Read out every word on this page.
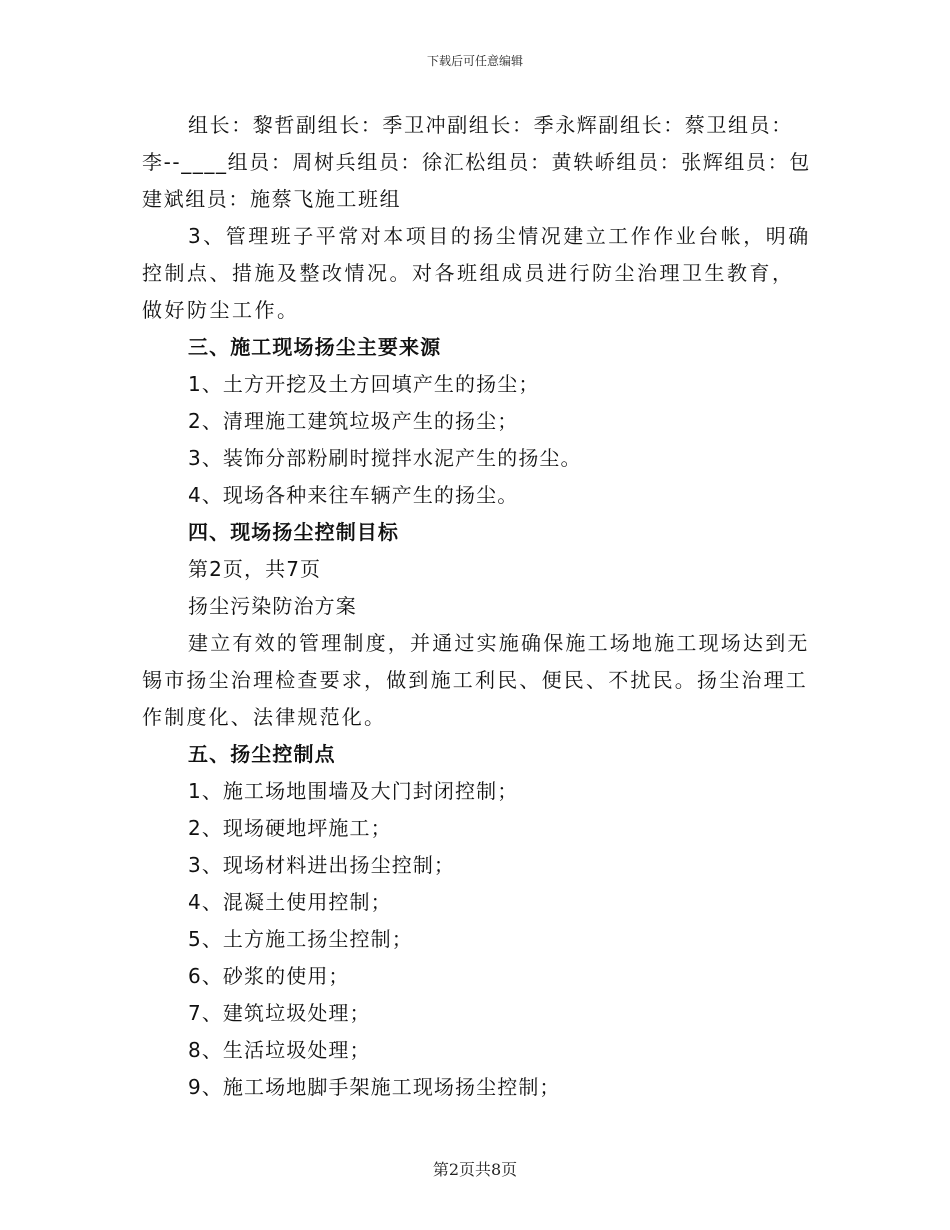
下载后可任意编辑

组长：黎哲副组长：季卫冲副组长：季永辉副组长：蔡卫组员：李--____组员：周树兵组员：徐汇松组员：黄轶峤组员：张辉组员：包建斌组员：施蔡飞施工班组

3、管理班子平常对本项目的扬尘情况建立工作作业台帐，明确控制点、措施及整改情况。对各班组成员进行防尘治理卫生教育，做好防尘工作。

三、施工现场扬尘主要来源

1、土方开挖及土方回填产生的扬尘；

2、清理施工建筑垃圾产生的扬尘；

3、装饰分部粉刷时搅拌水泥产生的扬尘。

4、现场各种来往车辆产生的扬尘。

四、现场扬尘控制目标

第2页，共7页

扬尘污染防治方案

建立有效的管理制度，并通过实施确保施工场地施工现场达到无锡市扬尘治理检查要求，做到施工利民、便民、不扰民。扬尘治理工作制度化、法律规范化。

五、扬尘控制点

1、施工场地围墙及大门封闭控制；

2、现场硬地坪施工；

3、现场材料进出扬尘控制；

4、混凝土使用控制；

5、土方施工扬尘控制；

6、砂浆的使用；

7、建筑垃圾处理；

8、生活垃圾处理；

9、施工场地脚手架施工现场扬尘控制；

第2页共8页
